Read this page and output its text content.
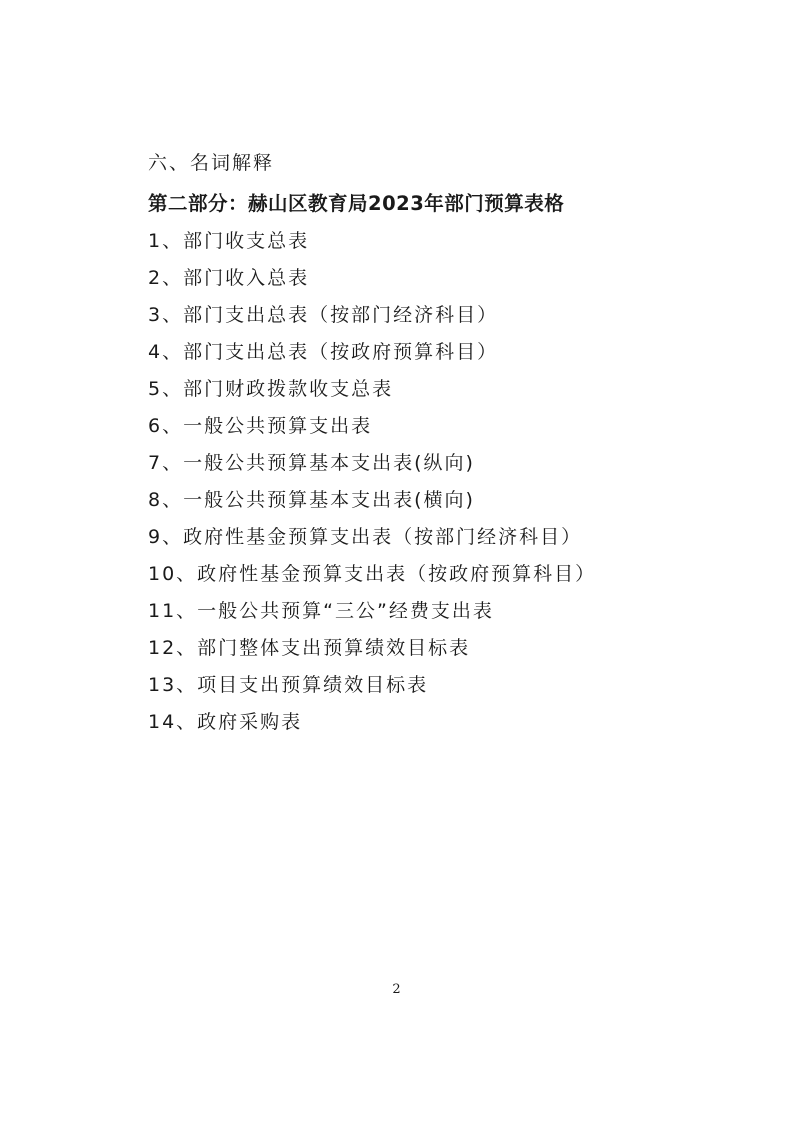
六、名词解释
第二部分：赫山区教育局2023年部门预算表格
1、部门收支总表
2、部门收入总表
3、部门支出总表（按部门经济科目）
4、部门支出总表（按政府预算科目）
5、部门财政拨款收支总表
6、一般公共预算支出表
7、一般公共预算基本支出表(纵向)
8、一般公共预算基本支出表(横向)
9、政府性基金预算支出表（按部门经济科目）
10、政府性基金预算支出表（按政府预算科目）
11、一般公共预算“三公”经费支出表
12、部门整体支出预算绩效目标表
13、项目支出预算绩效目标表
14、政府采购表
2
